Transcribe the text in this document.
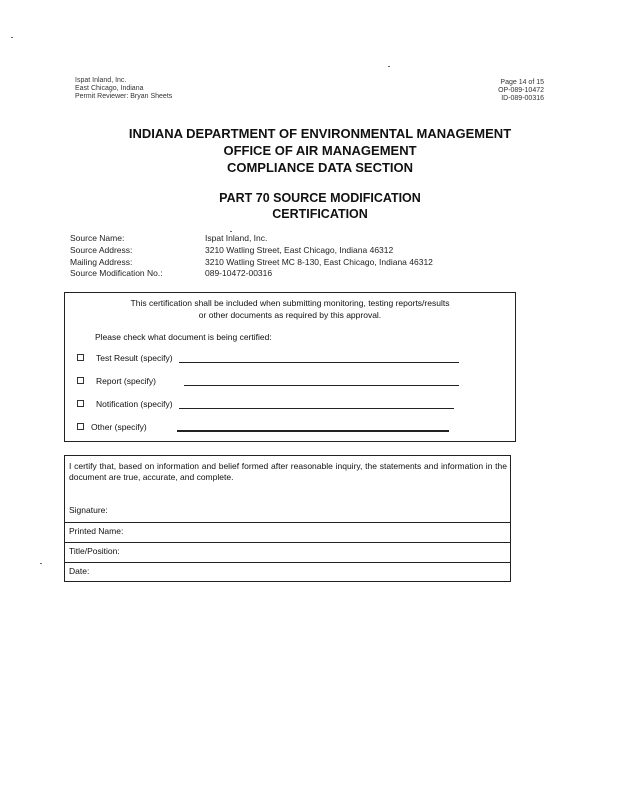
Ispat Inland, Inc.
East Chicago, Indiana
Permit Reviewer: Bryan Sheets
Page 14 of 15
OP-089-10472
ID-089-00316
INDIANA DEPARTMENT OF ENVIRONMENTAL MANAGEMENT
OFFICE OF AIR MANAGEMENT
COMPLIANCE DATA SECTION
PART 70 SOURCE MODIFICATION
CERTIFICATION
Source Name:	Ispat Inland, Inc.
Source Address:	3210 Watling Street, East Chicago, Indiana 46312
Mailing Address:	3210 Watling Street MC 8-130, East Chicago, Indiana 46312
Source Modification No.:	089-10472-00316
This certification shall be included when submitting monitoring, testing reports/results
or other documents as required by this approval.
Please check what document is being certified:
Test Result (specify)
Report (specify)
Notification (specify)
Other (specify)
I certify that, based on information and belief formed after reasonable inquiry, the statements and information in the document are true, accurate, and complete.
Signature:
Printed Name:
Title/Position:
Date:
